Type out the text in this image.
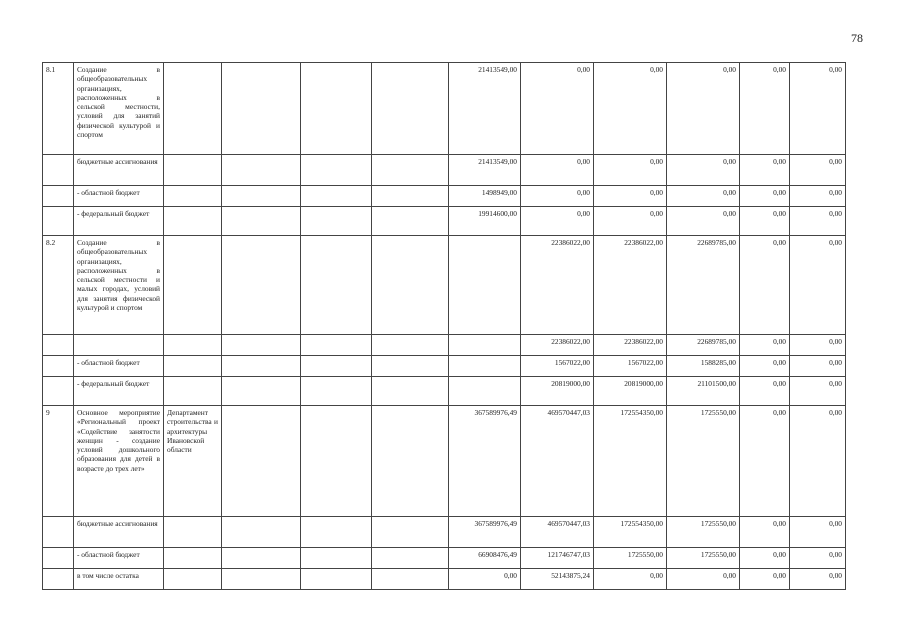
78
8.1	Создание в общеобразовательных организациях, расположенных в сельской местности, условий для занятий физической культурой и спортом					21413549,00	0,00	0,00	0,00	0,00	0,00
	бюджетные ассигнования					21413549,00	0,00	0,00	0,00	0,00	0,00
	- областной бюджет					1498949,00	0,00	0,00	0,00	0,00	0,00
	- федеральный бюджет					19914600,00	0,00	0,00	0,00	0,00	0,00
8.2	Создание в общеобразовательных организациях, расположенных в сельской местности и малых городах, условий для занятия физической культурой и спортом						22386022,00	22386022,00	22689785,00	0,00	0,00
							22386022,00	22386022,00	22689785,00	0,00	0,00
	- областной бюджет						1567022,00	1567022,00	1588285,00	0,00	0,00
	- федеральный бюджет						20819000,00	20819000,00	21101500,00	0,00	0,00
9	Основное мероприятие «Региональный проект «Содействие занятости женщин - создание условий дошкольного образования для детей в возрасте до трех лет»	Департамент строительства и архитектуры Ивановской области				367589976,49	469570447,03	172554350,00	1725550,00	0,00	0,00
	бюджетные ассигнования					367589976,49	469570447,03	172554350,00	1725550,00	0,00	0,00
	- областной бюджет					66908476,49	121746747,03	1725550,00	1725550,00	0,00	0,00
	в том числе остатка					0,00	52143875,24	0,00	0,00	0,00	0,00
